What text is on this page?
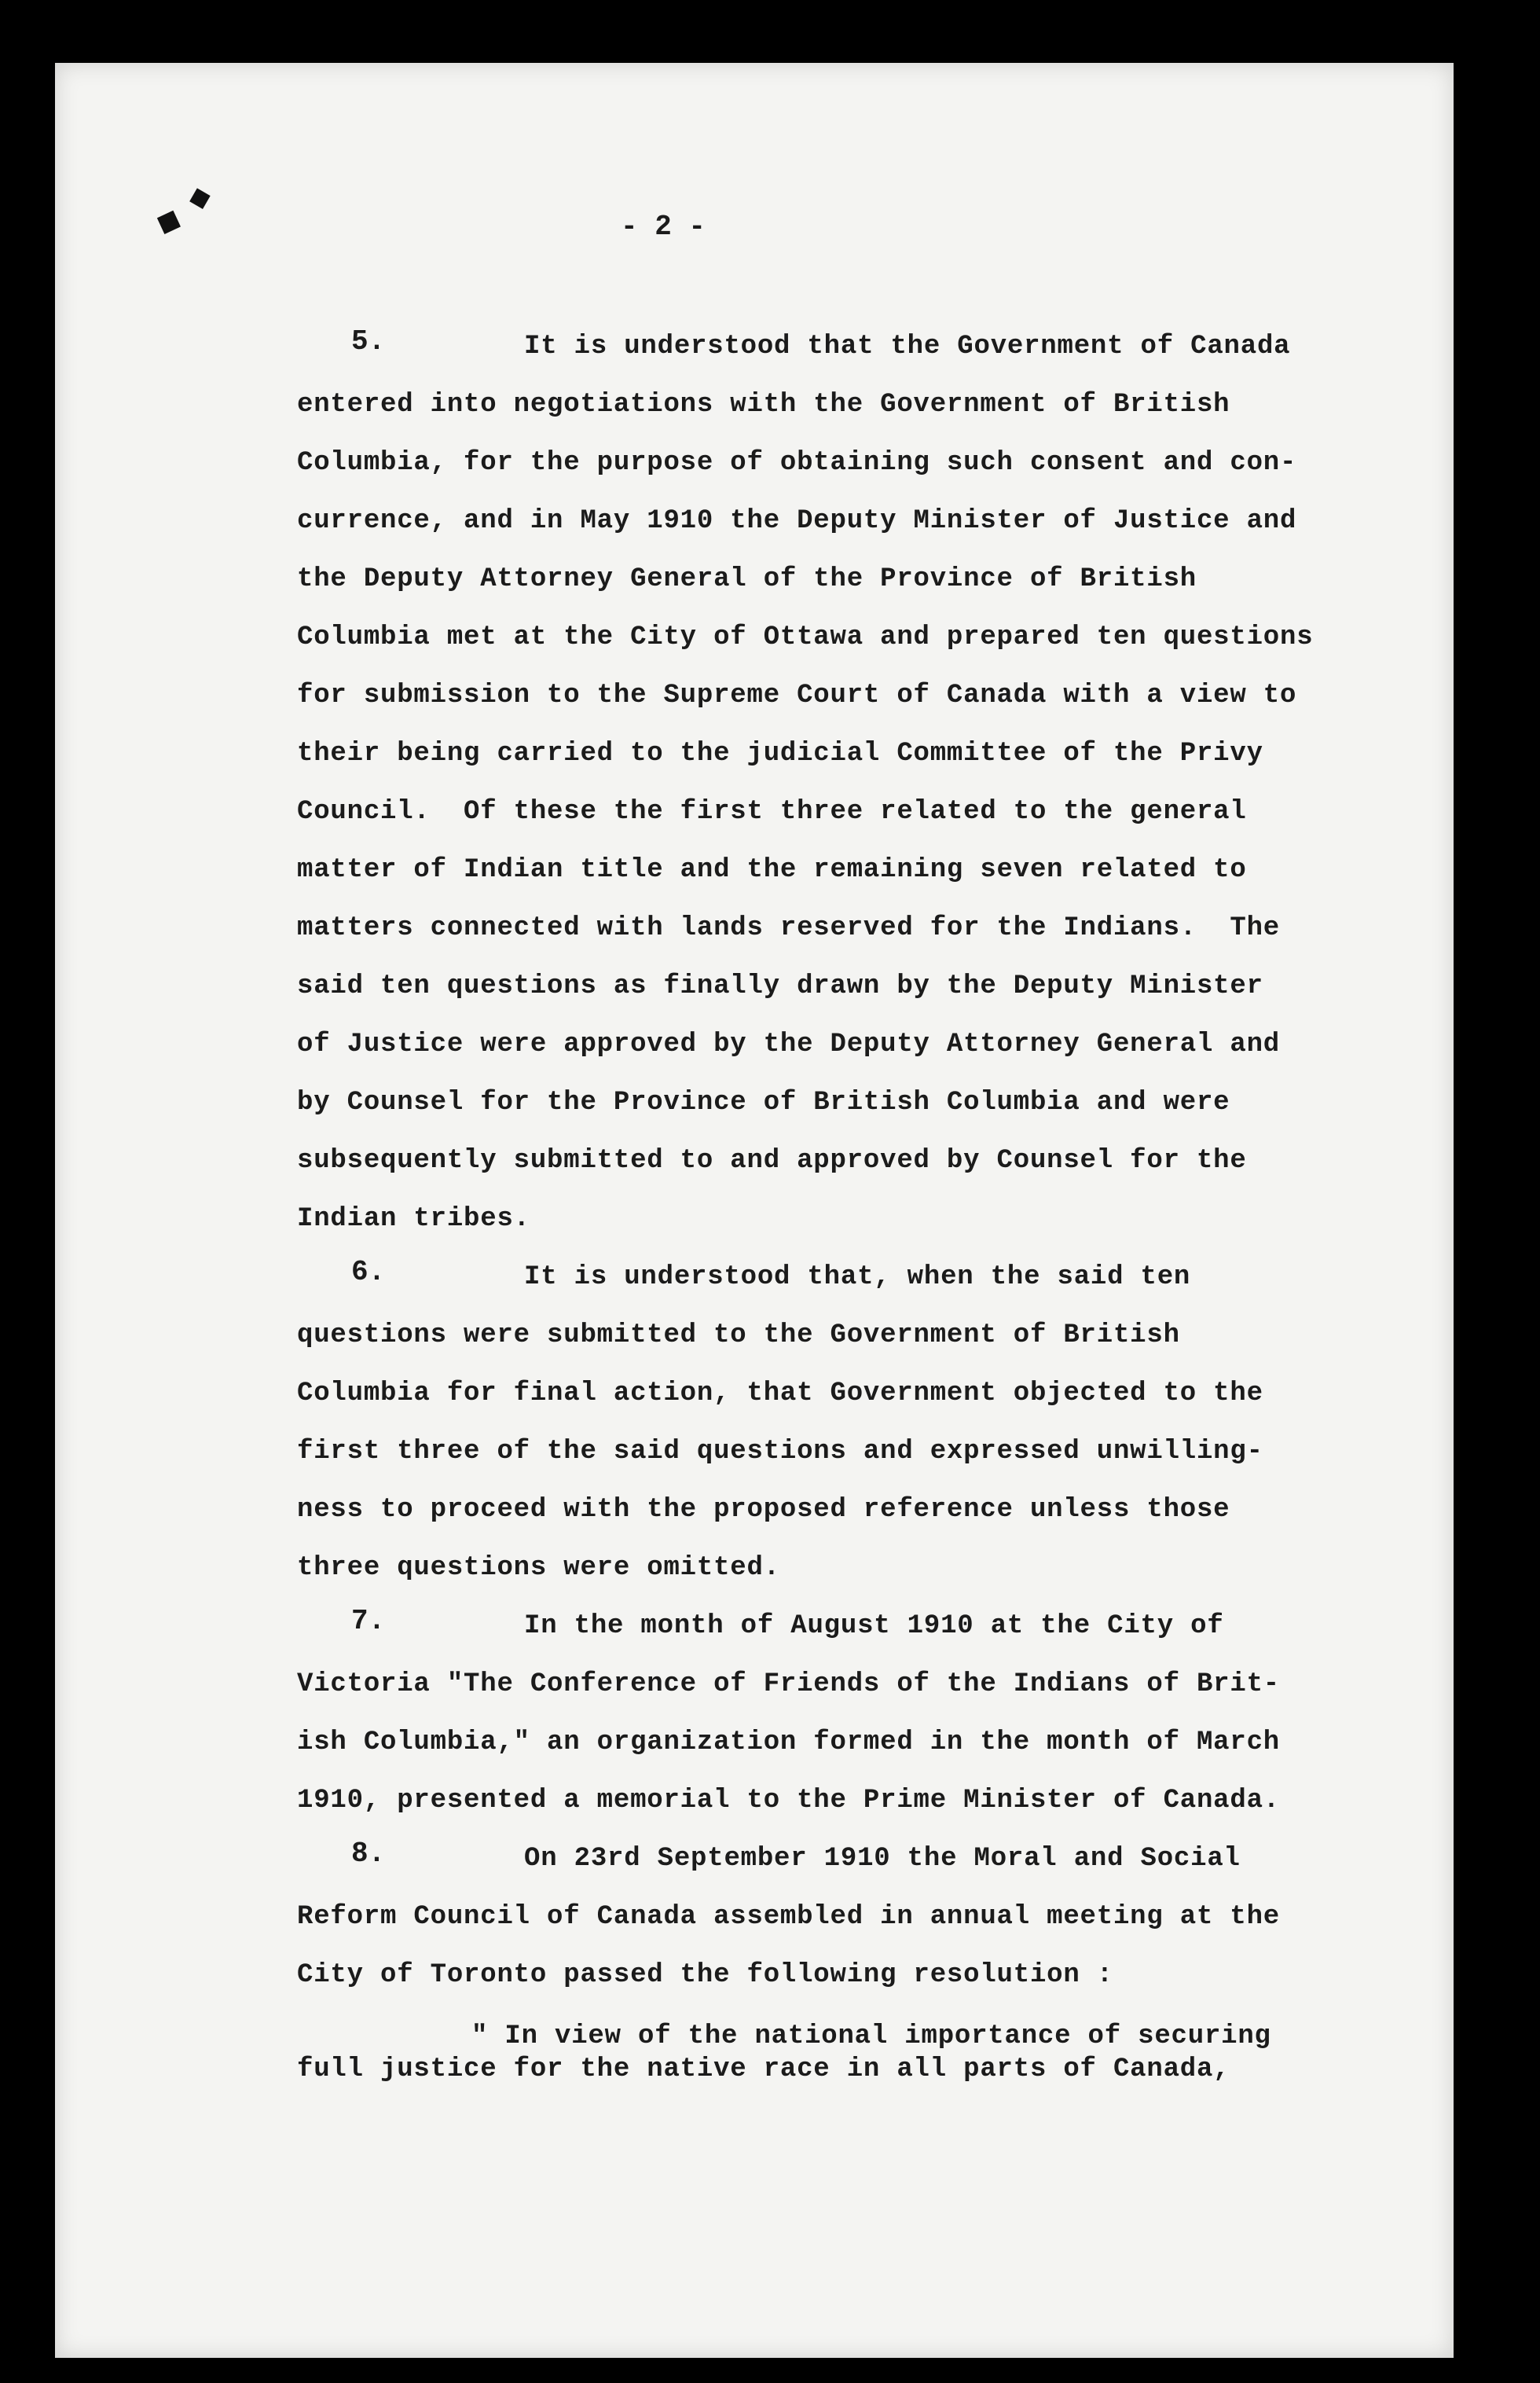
◆
◆
- 2 -
5.	It is understood that the Government of Canada
entered into negotiations with the Government of British
Columbia, for the purpose of obtaining such consent and con-
currence, and in May 1910 the Deputy Minister of Justice and
the Deputy Attorney General of the Province of British
Columbia met at the City of Ottawa and prepared ten questions
for submission to the Supreme Court of Canada with a view to
their being carried to the judicial Committee of the Privy
Council.  Of these the first three related to the general
matter of Indian title and the remaining seven related to
matters connected with lands reserved for the Indians.  The
said ten questions as finally drawn by the Deputy Minister
of Justice were approved by the Deputy Attorney General and
by Counsel for the Province of British Columbia and were
subsequently submitted to and approved by Counsel for the
Indian tribes.
6.	It is understood that, when the said ten
questions were submitted to the Government of British
Columbia for final action, that Government objected to the
first three of the said questions and expressed unwilling-
ness to proceed with the proposed reference unless those
three questions were omitted.
7.	In the month of August 1910 at the City of
Victoria "The Conference of Friends of the Indians of Brit-
ish Columbia," an organization formed in the month of March
1910, presented a memorial to the Prime Minister of Canada.
8.	On 23rd September 1910 the Moral and Social
Reform Council of Canada assembled in annual meeting at the
City of Toronto passed the following resolution :
" In view of the national importance of securing
full justice for the native race in all parts of Canada,
